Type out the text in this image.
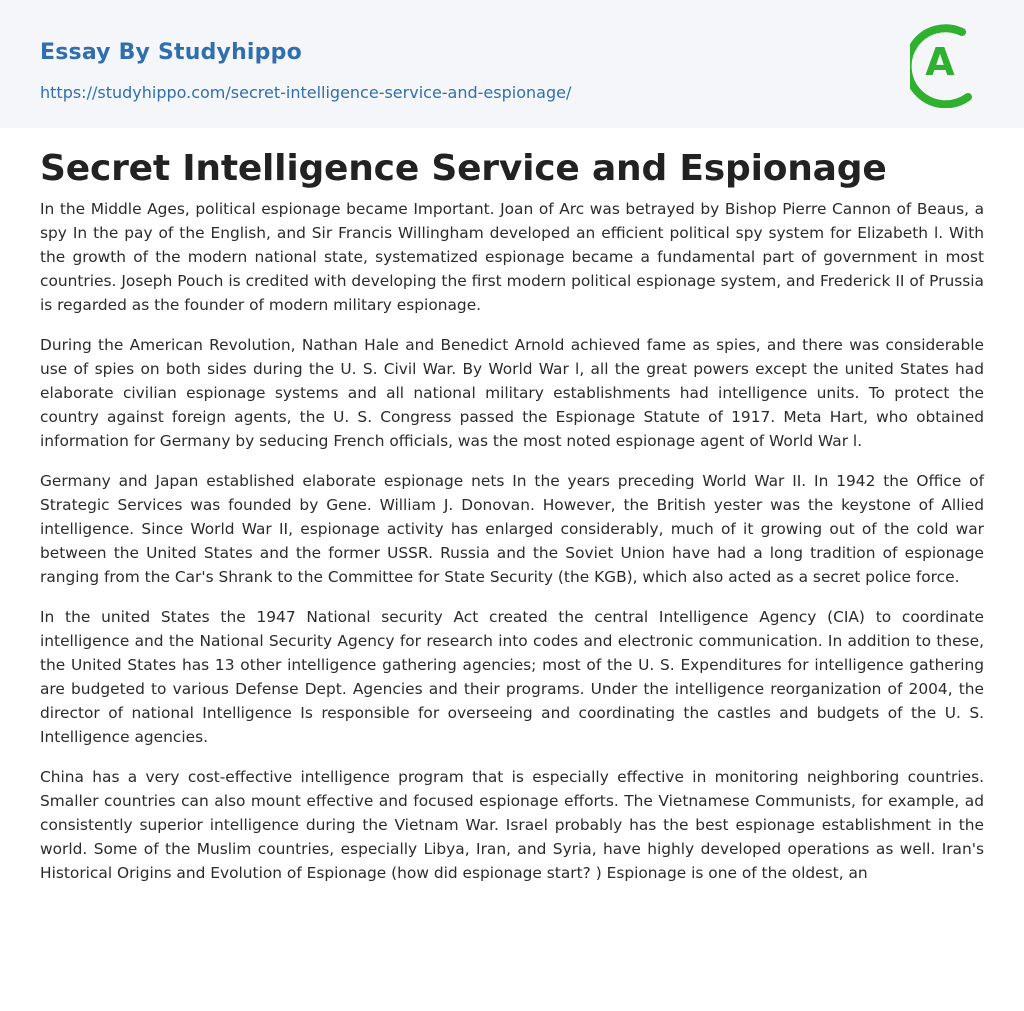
Essay By Studyhippo
https://studyhippo.com/secret-intelligence-service-and-espionage/
A
Secret Intelligence Service and Espionage

In the Middle Ages, political espionage became Important. Joan of Arc was betrayed by Bishop Pierre Cannon of Beaus, a spy In the pay of the English, and Sir Francis Willingham developed an efficient political spy system for Elizabeth l. With the growth of the modern national state, systematized espionage became a fundamental part of government in most countries. Joseph Pouch is credited with developing the first modern political espionage system, and Frederick II of Prussia is regarded as the founder of modern military espionage.

During the American Revolution, Nathan Hale and Benedict Arnold achieved fame as spies, and there was considerable use of spies on both sides during the U. S. Civil War. By World War l, all the great powers except the united States had elaborate civilian espionage systems and all national military establishments had intelligence units. To protect the country against foreign agents, the U. S. Congress passed the Espionage Statute of 1917. Meta Hart, who obtained information for Germany by seducing French officials, was the most noted espionage agent of World War l.

Germany and Japan established elaborate espionage nets In the years preceding World War II. In 1942 the Office of Strategic Services was founded by Gene. William J. Donovan. However, the British yester was the keystone of Allied intelligence. Since World War II, espionage activity has enlarged considerably, much of it growing out of the cold war between the United States and the former USSR. Russia and the Soviet Union have had a long tradition of espionage ranging from the Car's Shrank to the Committee for State Security (the KGB), which also acted as a secret police force.

In the united States the 1947 National security Act created the central Intelligence Agency (CIA) to coordinate intelligence and the National Security Agency for research into codes and electronic communication. In addition to these, the United States has 13 other intelligence gathering agencies; most of the U. S. Expenditures for intelligence gathering are budgeted to various Defense Dept. Agencies and their programs. Under the intelligence reorganization of 2004, the director of national Intelligence Is responsible for overseeing and coordinating the castles and budgets of the U. S. Intelligence agencies.

China has a very cost-effective intelligence program that is especially effective in monitoring neighboring countries. Smaller countries can also mount effective and focused espionage efforts. The Vietnamese Communists, for example, ad consistently superior intelligence during the Vietnam War. Israel probably has the best espionage establishment in the world. Some of the Muslim countries, especially Libya, Iran, and Syria, have highly developed operations as well. Iran's Historical Origins and Evolution of Espionage (how did espionage start? ) Espionage is one of the oldest, an
